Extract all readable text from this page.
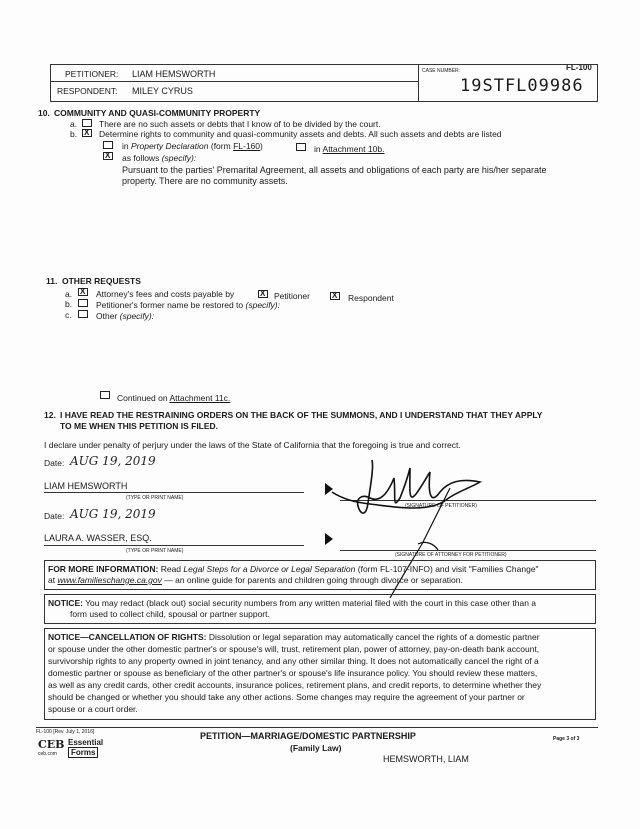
FL-100
PETITIONER: LIAM HEMSWORTH
RESPONDENT: MILEY CYRUS
CASE NUMBER:
19STFL09986
10. COMMUNITY AND QUASI-COMMUNITY PROPERTY
a.	There are no such assets or debts that I know of to be divided by the court.
b. X	Determine rights to community and quasi-community assets and debts. All such assets and debts are listed
in Property Declaration (form FL-160)	in Attachment 10b.
X
as follows (specify):
Pursuant to the parties' Premarital Agreement, all assets and obligations of each party are his/her separate
property. There are no community assets.
11. OTHER REQUESTS
a. X	Attorney's fees and costs payable by X	Petitioner X	Respondent
b.	Petitioner's former name be restored to (specify):
c.	Other (specify):
Continued on Attachment 11c.
12. I HAVE READ THE RESTRAINING ORDERS ON THE BACK OF THE SUMMONS, AND I UNDERSTAND THAT THEY APPLY
TO ME WHEN THIS PETITION IS FILED.
I declare under penalty of perjury under the laws of the State of California that the foregoing is true and correct.
Date: AUG 19, 2019
LIAM HEMSWORTH
(TYPE OR PRINT NAME)
(SIGNATURE OF PETITIONER)
Date: AUG 19, 2019
LAURA A. WASSER, ESQ.
(TYPE OR PRINT NAME)
(SIGNATURE OF ATTORNEY FOR PETITIONER)
FOR MORE INFORMATION: Read Legal Steps for a Divorce or Legal Separation (form FL-107-INFO) and visit "Families Change"
at www.familieschange.ca.gov — an online guide for parents and children going through divorce or separation.
NOTICE: You may redact (black out) social security numbers from any written material filed with the court in this case other than a
form used to collect child, spousal or partner support.
NOTICE—CANCELLATION OF RIGHTS: Dissolution or legal separation may automatically cancel the rights of a domestic partner
or spouse under the other domestic partner's or spouse's will, trust, retirement plan, power of attorney, pay-on-death bank account,
survivorship rights to any property owned in joint tenancy, and any other similar thing. It does not automatically cancel the right of a
domestic partner or spouse as beneficiary of the other partner's or spouse's life insurance policy. You should review these matters,
as well as any credit cards, other credit accounts, insurance polices, retirement plans, and credit reports, to determine whether they
should be changed or whether you should take any other actions. Some changes may require the agreement of your partner or
spouse or a court order.
FL-100 [Rev. July 1, 2016]
CEB
ceb.com
Essential
Forms
PETITION—MARRIAGE/DOMESTIC PARTNERSHIP
(Family Law)
Page 3 of 3
HEMSWORTH, LIAM
